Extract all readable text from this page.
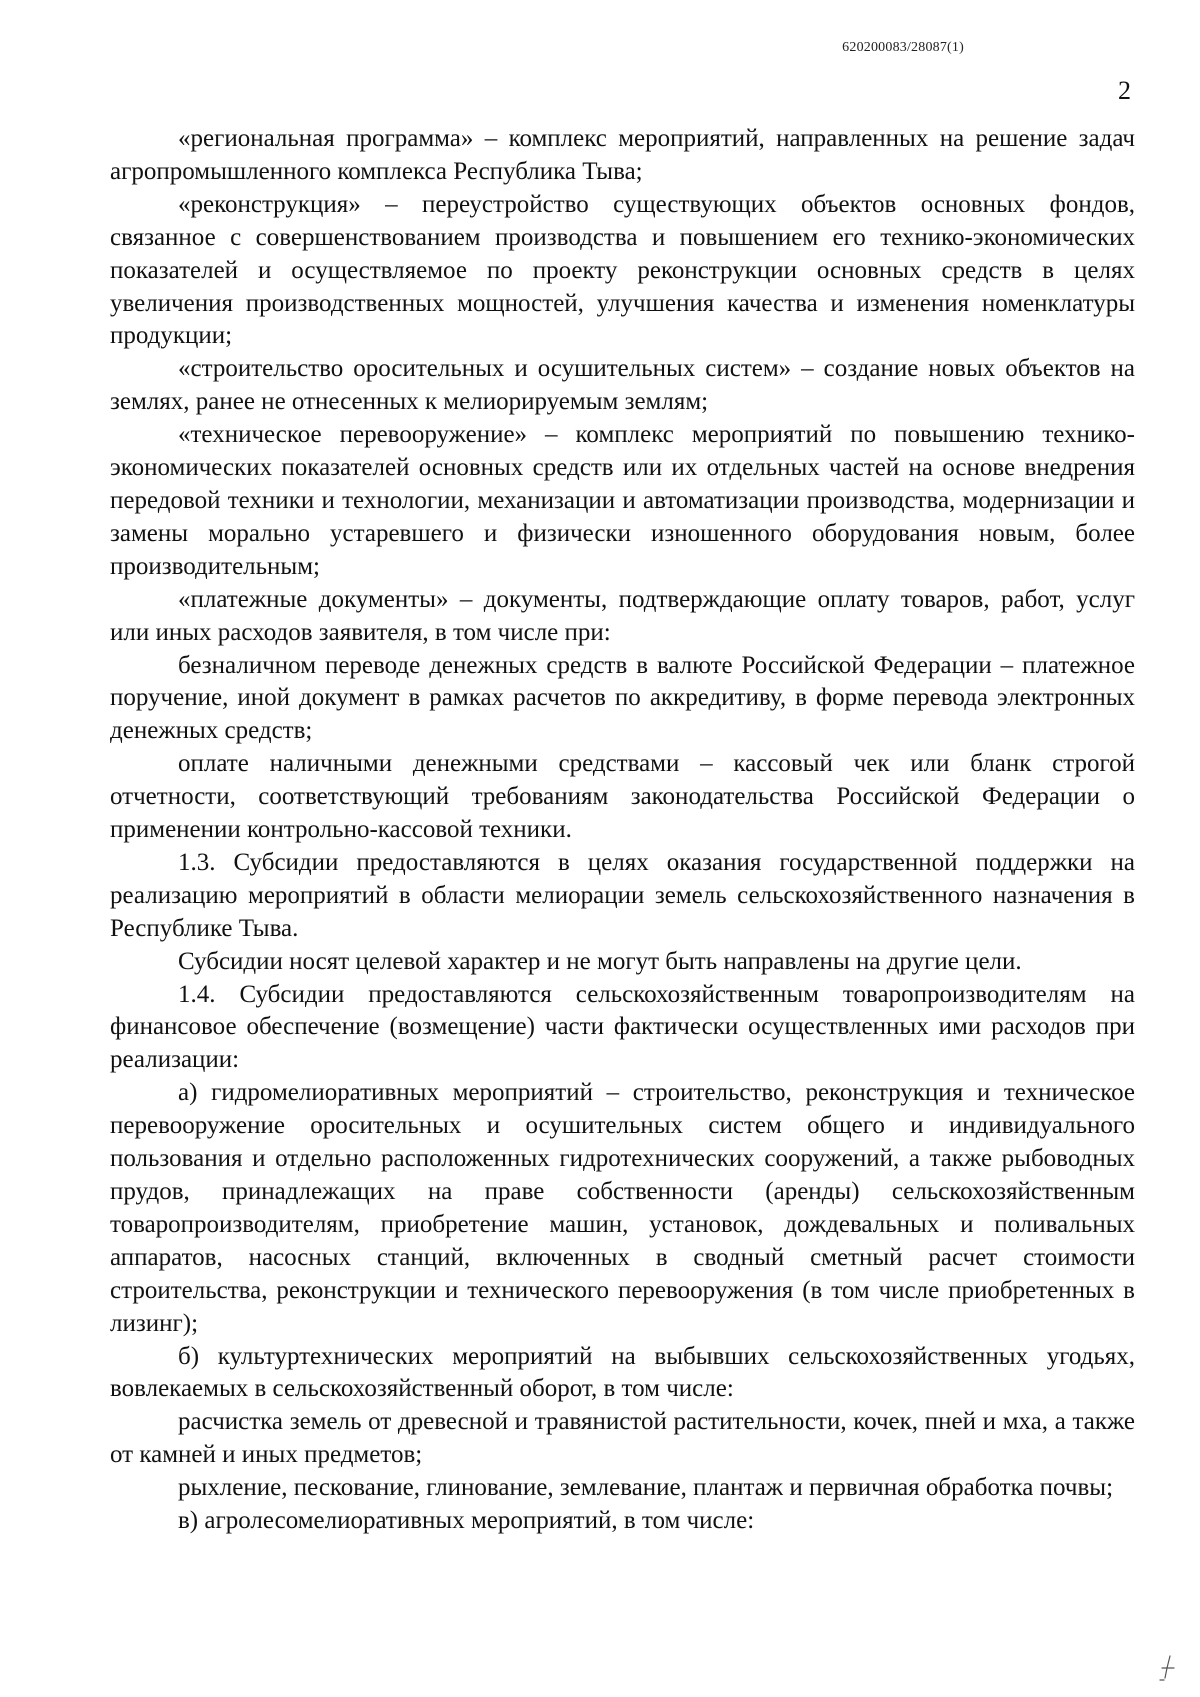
620200083/28087(1)
2

«региональная программа» – комплекс мероприятий, направленных на решение задач агропромышленного комплекса Республика Тыва;

«реконструкция» – переустройство существующих объектов основных фондов, связанное с совершенствованием производства и повышением его технико-экономических показателей и осуществляемое по проекту реконструкции основных средств в целях увеличения производственных мощностей, улучшения качества и изменения номенклатуры продукции;

«строительство оросительных и осушительных систем» – создание новых объектов на землях, ранее не отнесенных к мелиорируемым землям;

«техническое перевооружение» – комплекс мероприятий по повышению технико-экономических показателей основных средств или их отдельных частей на основе внедрения передовой техники и технологии, механизации и автоматизации производства, модернизации и замены морально устаревшего и физически изношенного оборудования новым, более производительным;

«платежные документы» – документы, подтверждающие оплату товаров, работ, услуг или иных расходов заявителя, в том числе при:

безналичном переводе денежных средств в валюте Российской Федерации – платежное поручение, иной документ в рамках расчетов по аккредитиву, в форме перевода электронных денежных средств;

оплате наличными денежными средствами – кассовый чек или бланк строгой отчетности, соответствующий требованиям законодательства Российской Федерации о применении контрольно-кассовой техники.

1.3. Субсидии предоставляются в целях оказания государственной поддержки на реализацию мероприятий в области мелиорации земель сельскохозяйственного назначения в Республике Тыва.

Субсидии носят целевой характер и не могут быть направлены на другие цели.

1.4. Субсидии предоставляются сельскохозяйственным товаропроизводителям на финансовое обеспечение (возмещение) части фактически осуществленных ими расходов при реализации:

а) гидромелиоративных мероприятий – строительство, реконструкция и техническое перевооружение оросительных и осушительных систем общего и индивидуального пользования и отдельно расположенных гидротехнических сооружений, а также рыбоводных прудов, принадлежащих на праве собственности (аренды) сельскохозяйственным товаропроизводителям, приобретение машин, установок, дождевальных и поливальных аппаратов, насосных станций, включенных в сводный сметный расчет стоимости строительства, реконструкции и технического перевооружения (в том числе приобретенных в лизинг);

б) культуртехнических мероприятий на выбывших сельскохозяйственных угодьях, вовлекаемых в сельскохозяйственный оборот, в том числе:

расчистка земель от древесной и травянистой растительности, кочек, пней и мха, а также от камней и иных предметов;

рыхление, пескование, глинование, землевание, плантаж и первичная обработка почвы;

в) агролесомелиоративных мероприятий, в том числе:
